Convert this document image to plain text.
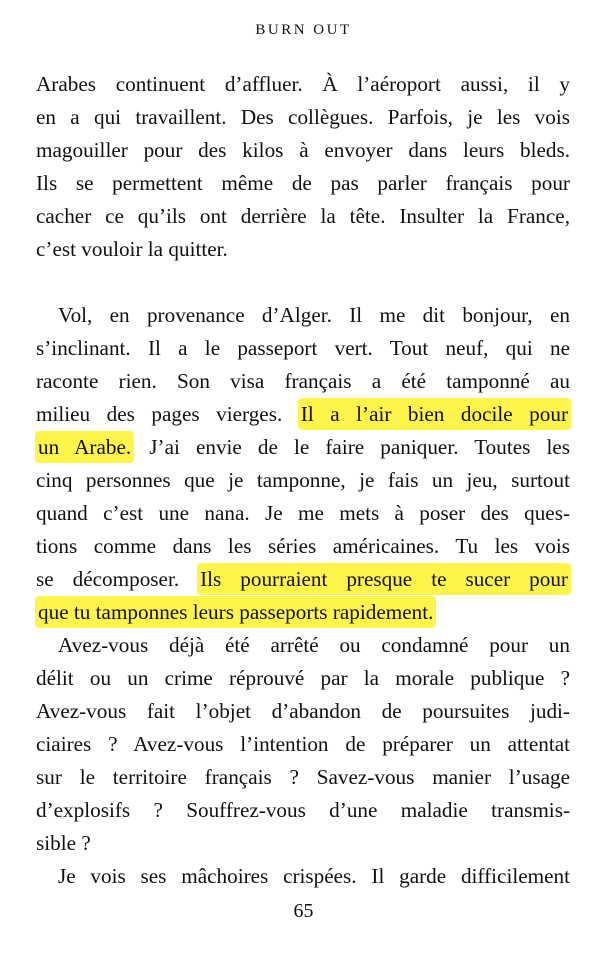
BURN OUT
Arabes continuent d’affluer. À l’aéroport aussi, il y
en a qui travaillent. Des collègues. Parfois, je les vois
magouiller pour des kilos à envoyer dans leurs bleds.
Ils se permettent même de pas parler français pour
cacher ce qu’ils ont derrière la tête. Insulter la France,
c’est vouloir la quitter.
Vol, en provenance d’Alger. Il me dit bonjour, en
s’inclinant. Il a le passeport vert. Tout neuf, qui ne
raconte rien. Son visa français a été tamponné au
milieu des pages vierges. Il a l’air bien docile pour
un Arabe. J’ai envie de le faire paniquer. Toutes les
cinq personnes que je tamponne, je fais un jeu, surtout
quand c’est une nana. Je me mets à poser des ques-
tions comme dans les séries américaines. Tu les vois
se décomposer. Ils pourraient presque te sucer pour
que tu tamponnes leurs passeports rapidement.
Avez-vous déjà été arrêté ou condamné pour un
délit ou un crime réprouvé par la morale publique ?
Avez-vous fait l’objet d’abandon de poursuites judi-
ciaires ? Avez-vous l’intention de préparer un attentat
sur le territoire français ? Savez-vous manier l’usage
d’explosifs ? Souffrez-vous d’une maladie transmis-
sible ?
Je vois ses mâchoires crispées. Il garde difficilement
65
